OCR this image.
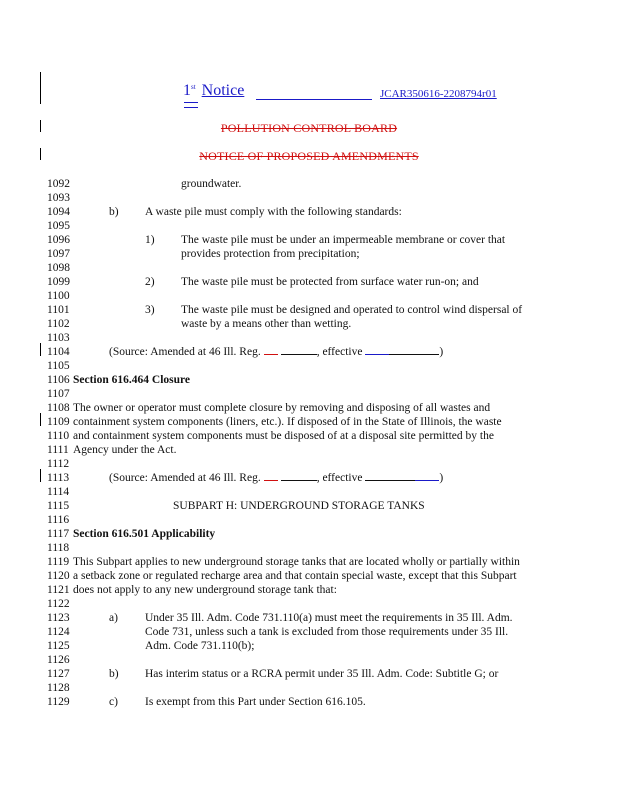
1st Notice	JCAR350616-2208794r01
POLLUTION CONTROL BOARD
NOTICE OF PROPOSED AMENDMENTS
1092	groundwater.
1093
1094	b) A waste pile must comply with the following standards:
1095
1096	1) The waste pile must be under an impermeable membrane or cover that
1097	provides protection from precipitation;
1098
1099	2) The waste pile must be protected from surface water run-on; and
1100
1101	3) The waste pile must be designed and operated to control wind dispersal of
1102	waste by a means other than wetting.
1103
1104	(Source: Amended at 46 Ill. Reg.	, effective	)
1105
1106 Section 616.464 Closure
1107
1108 The owner or operator must complete closure by removing and disposing of all wastes and
1109 containment system components (liners, etc.). If disposed of in the State of Illinois, the waste
1110 and containment system components must be disposed of at a disposal site permitted by the
1111 Agency under the Act.
1112
1113	(Source: Amended at 46 Ill. Reg.	, effective	)
1114
1115	SUBPART H: UNDERGROUND STORAGE TANKS
1116
1117 Section 616.501 Applicability
1118
1119 This Subpart applies to new underground storage tanks that are located wholly or partially within
1120 a setback zone or regulated recharge area and that contain special waste, except that this Subpart
1121 does not apply to any new underground storage tank that:
1122
1123	a) Under 35 Ill. Adm. Code 731.110(a) must meet the requirements in 35 Ill. Adm.
1124	Code 731, unless such a tank is excluded from those requirements under 35 Ill.
1125	Adm. Code 731.110(b);
1126
1127	b) Has interim status or a RCRA permit under 35 Ill. Adm. Code: Subtitle G; or
1128
1129	c) Is exempt from this Part under Section 616.105.
